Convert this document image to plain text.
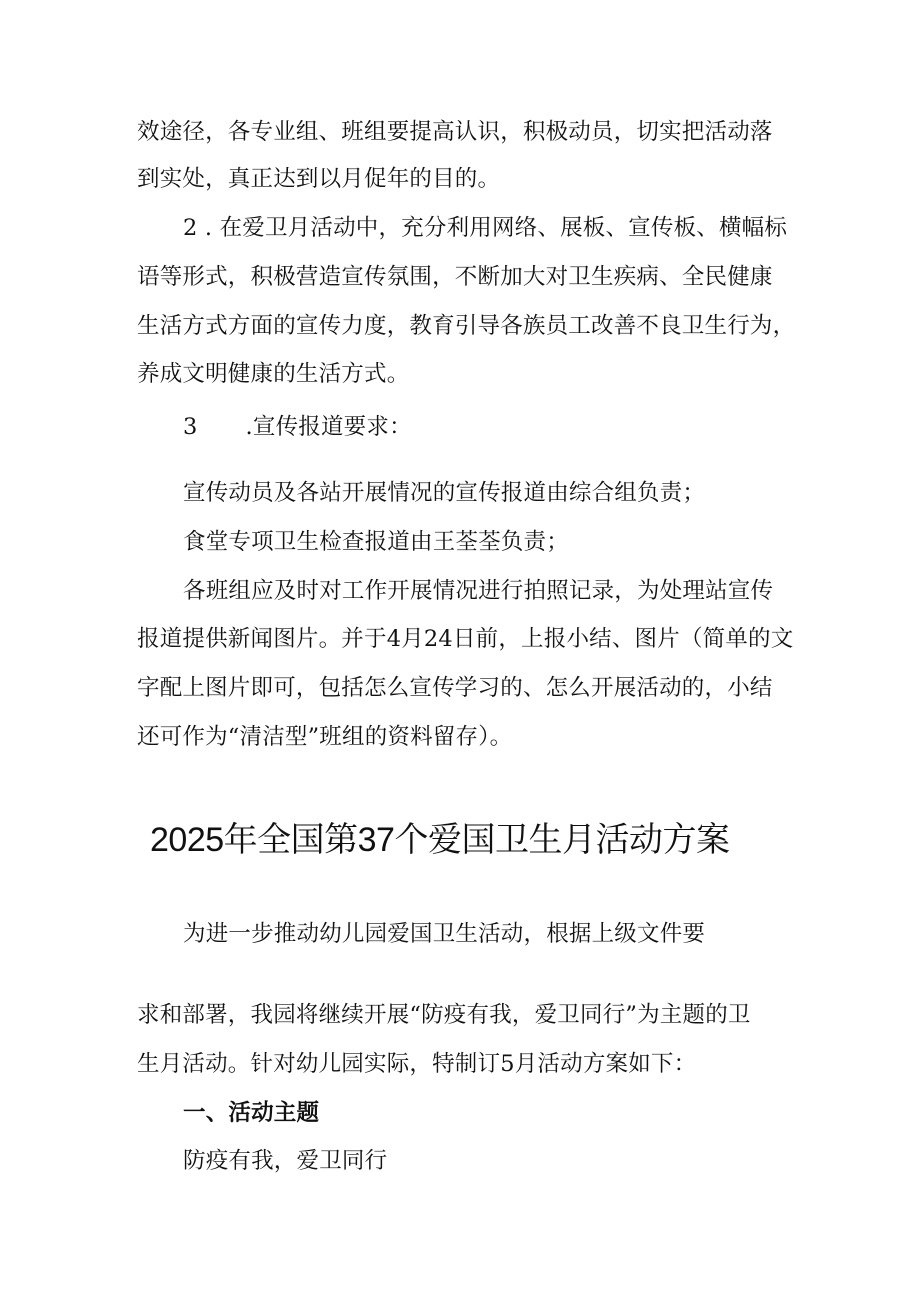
效途径，各专业组、班组要提高认识，积极动员，切实把活动落
到实处，真正达到以月促年的目的。
2 . 在爱卫月活动中，充分利用网络、展板、宣传板、横幅标
语等形式，积极营造宣传氛围，不断加大对卫生疾病、全民健康
生活方式方面的宣传力度，教育引导各族员工改善不良卫生行为，
养成文明健康的生活方式。
3 .宣传报道要求：
宣传动员及各站开展情况的宣传报道由综合组负责；
食堂专项卫生检查报道由王荃荃负责；
各班组应及时对工作开展情况进行拍照记录，为处理站宣传
报道提供新闻图片。并于4月24日前，上报小结、图片（简单的文
字配上图片即可，包括怎么宣传学习的、怎么开展活动的，小结
还可作为“清洁型”班组的资料留存）。
2025年全国第37个爱国卫生月活动方案
为进一步推动幼儿园爱国卫生活动，根据上级文件要
求和部署，我园将继续开展“防疫有我，爱卫同行”为主题的卫
生月活动。针对幼儿园实际，特制订5月活动方案如下：
一、活动主题
防疫有我，爱卫同行
